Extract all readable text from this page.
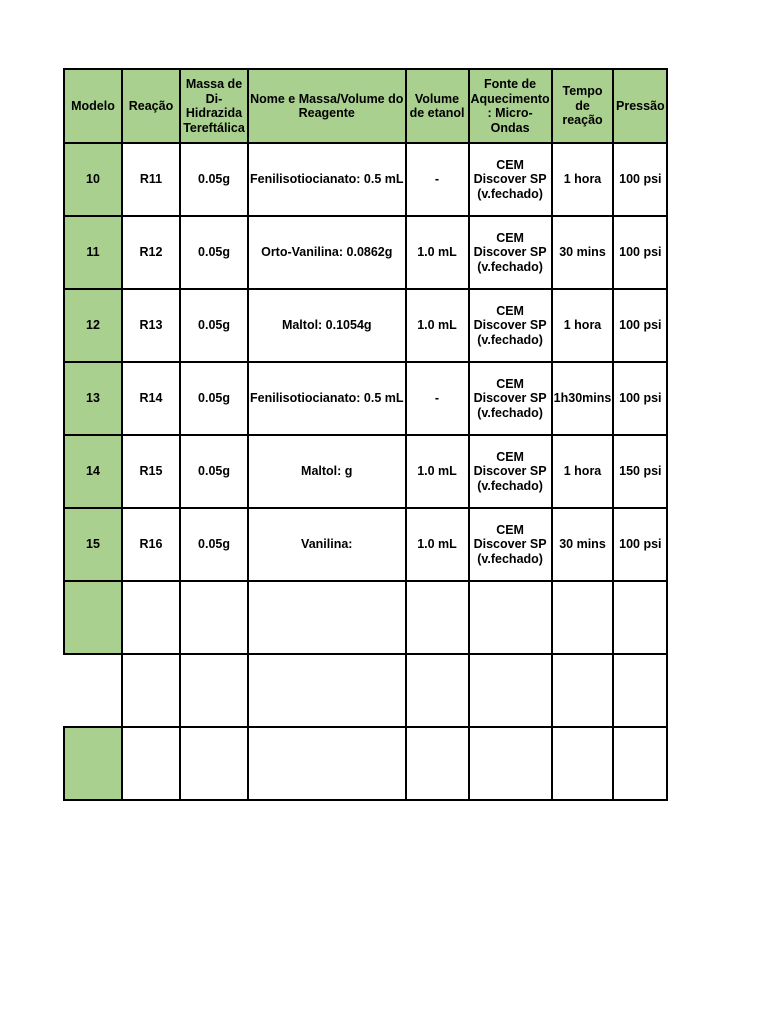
Modelo	Reação	Massa de Di-Hidrazida Tereftálica	Nome e Massa/Volume do Reagente	Volume de etanol	Fonte de Aquecimento : Micro-Ondas	Tempo de reação	Pressão
10	R11	0.05g	Fenilisotiocianato: 0.5 mL	-	CEM Discover SP (v.fechado)	1 hora	100 psi
11	R12	0.05g	Orto-Vanilina: 0.0862g	1.0 mL	CEM Discover SP (v.fechado)	30 mins	100 psi
12	R13	0.05g	Maltol: 0.1054g	1.0 mL	CEM Discover SP (v.fechado)	1 hora	100 psi
13	R14	0.05g	Fenilisotiocianato: 0.5 mL	-	CEM Discover SP (v.fechado)	1h30mins	100 psi
14	R15	0.05g	Maltol: g	1.0 mL	CEM Discover SP (v.fechado)	1 hora	150 psi
15	R16	0.05g	Vanilina:	1.0 mL	CEM Discover SP (v.fechado)	30 mins	100 psi
